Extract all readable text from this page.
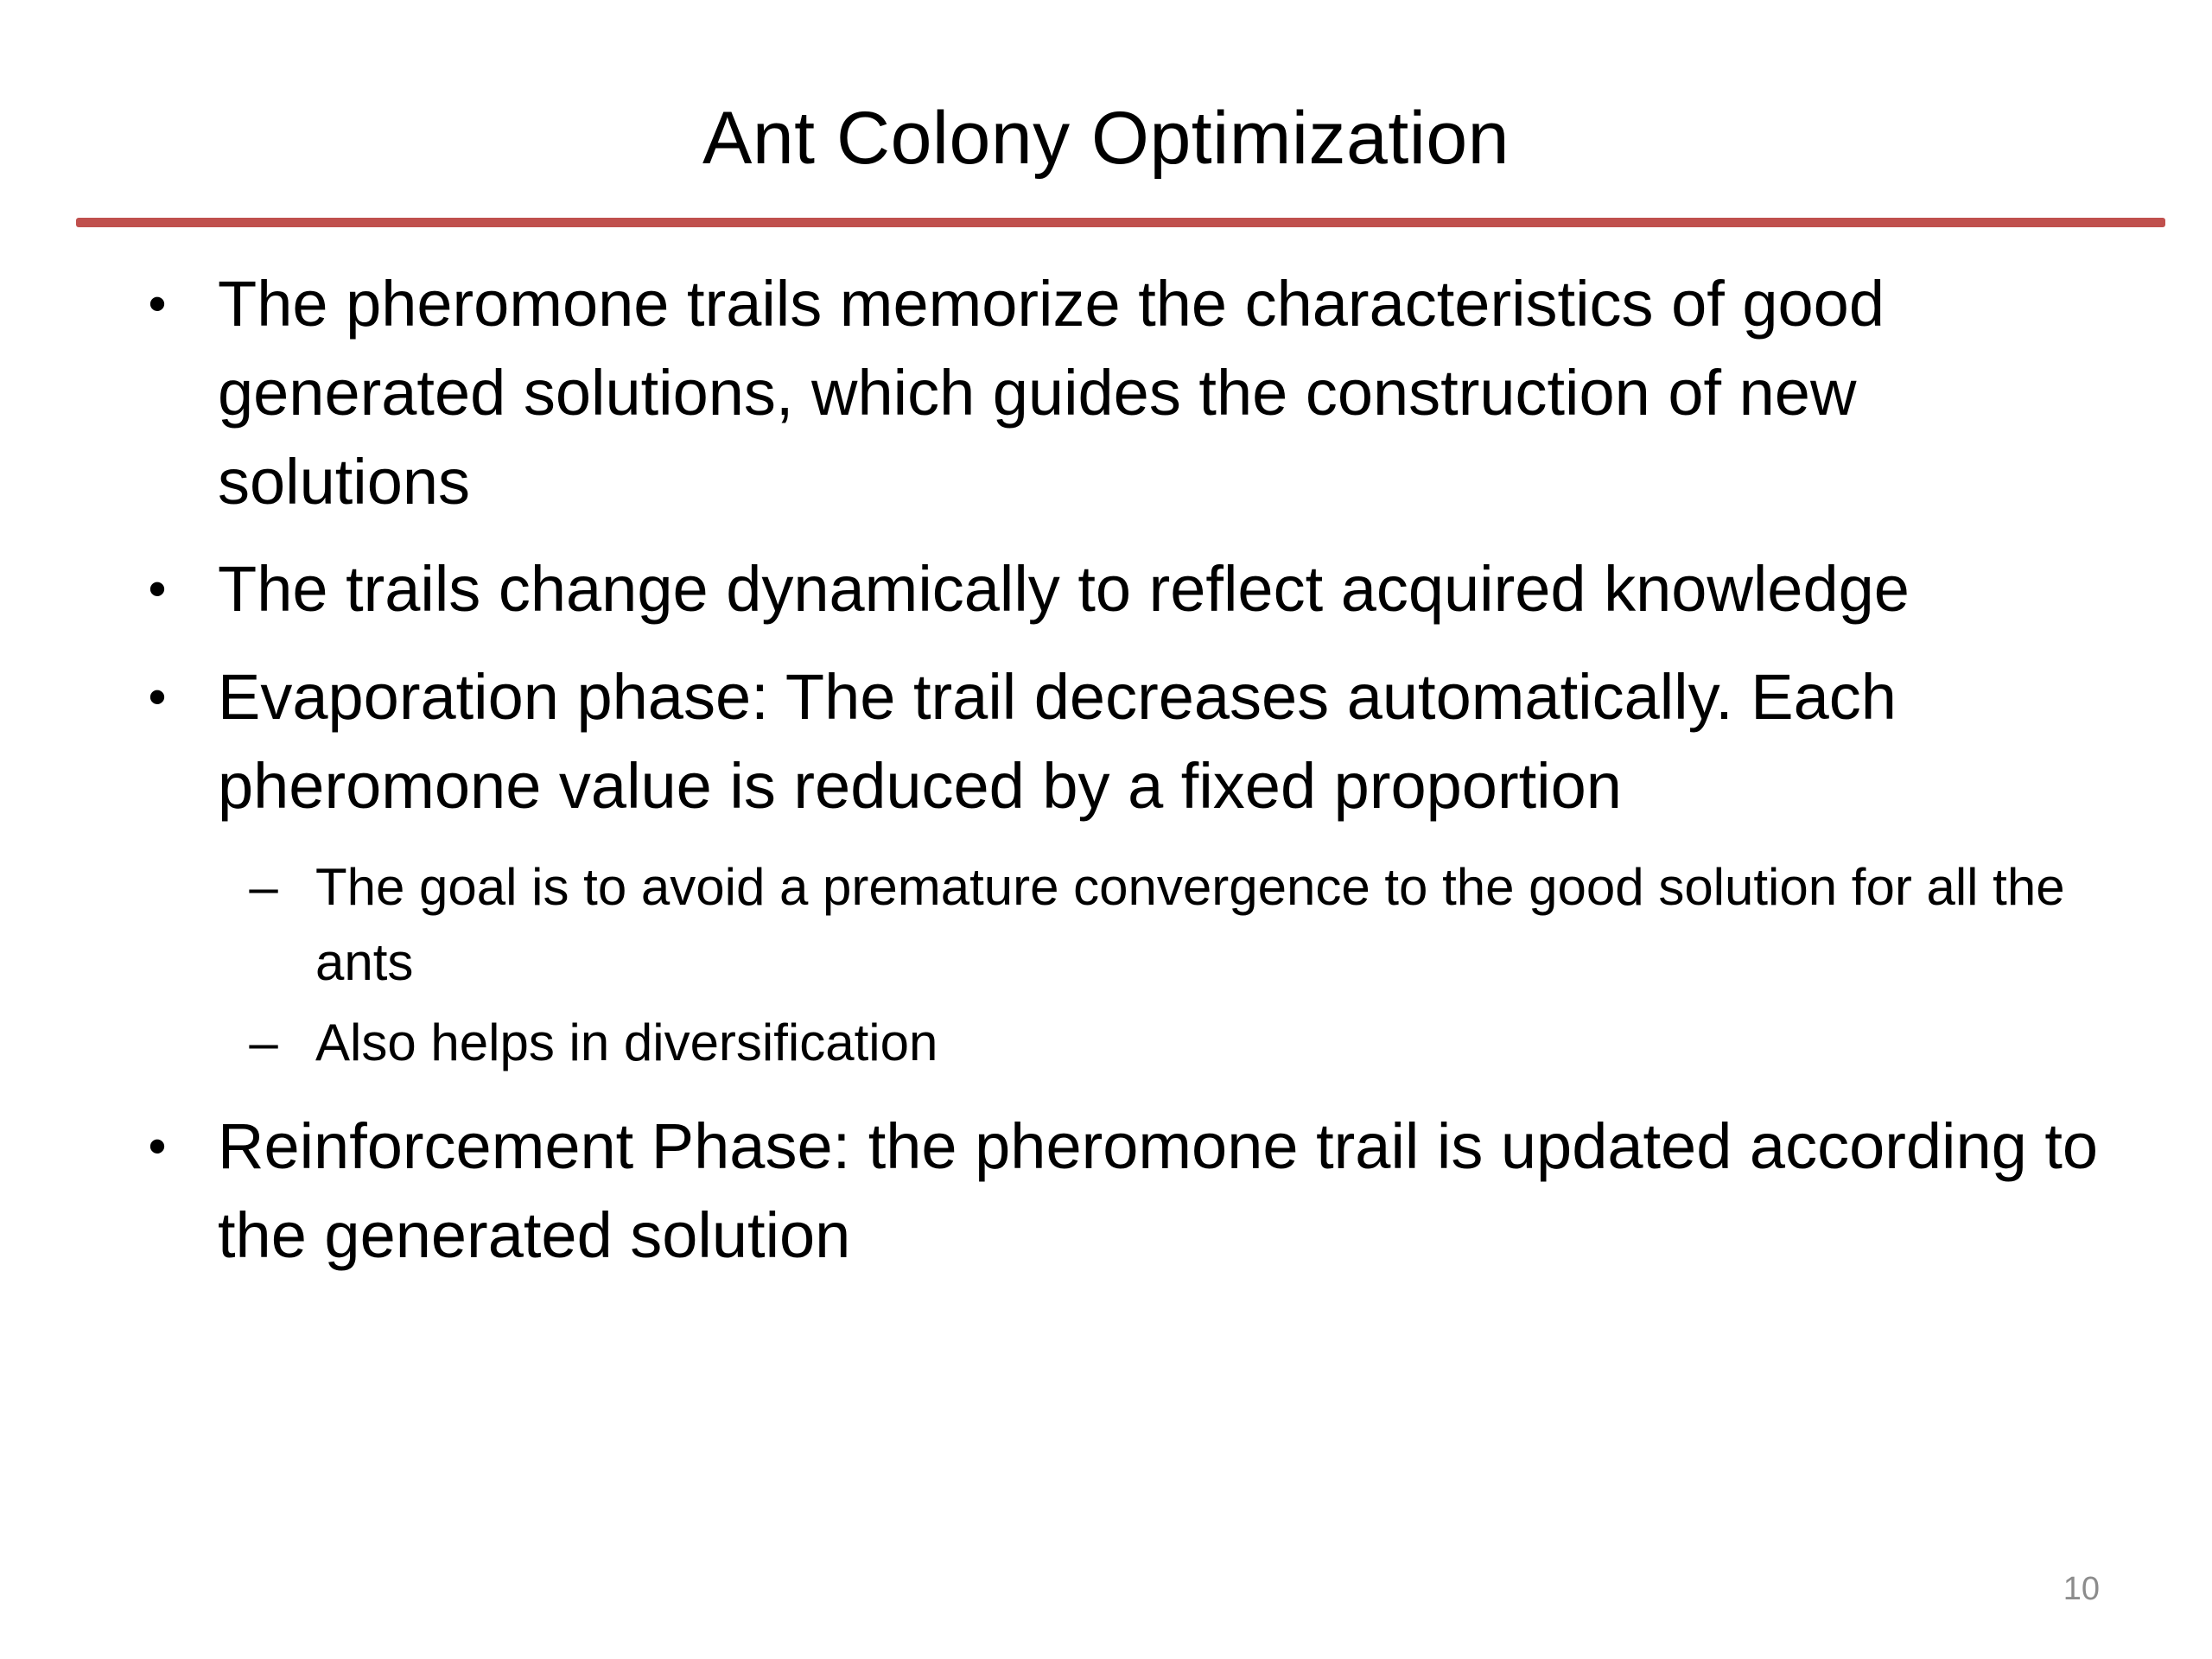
Ant Colony Optimization
• The pheromone trails memorize the characteristics of good generated solutions, which guides the construction of new solutions
• The trails change dynamically to reflect acquired knowledge
• Evaporation phase: The trail decreases automatically. Each pheromone value is reduced by a fixed proportion
– The goal is to avoid a premature convergence to the good solution for all the ants
– Also helps in diversification
• Reinforcement Phase: the pheromone trail is updated according to the generated solution
10
